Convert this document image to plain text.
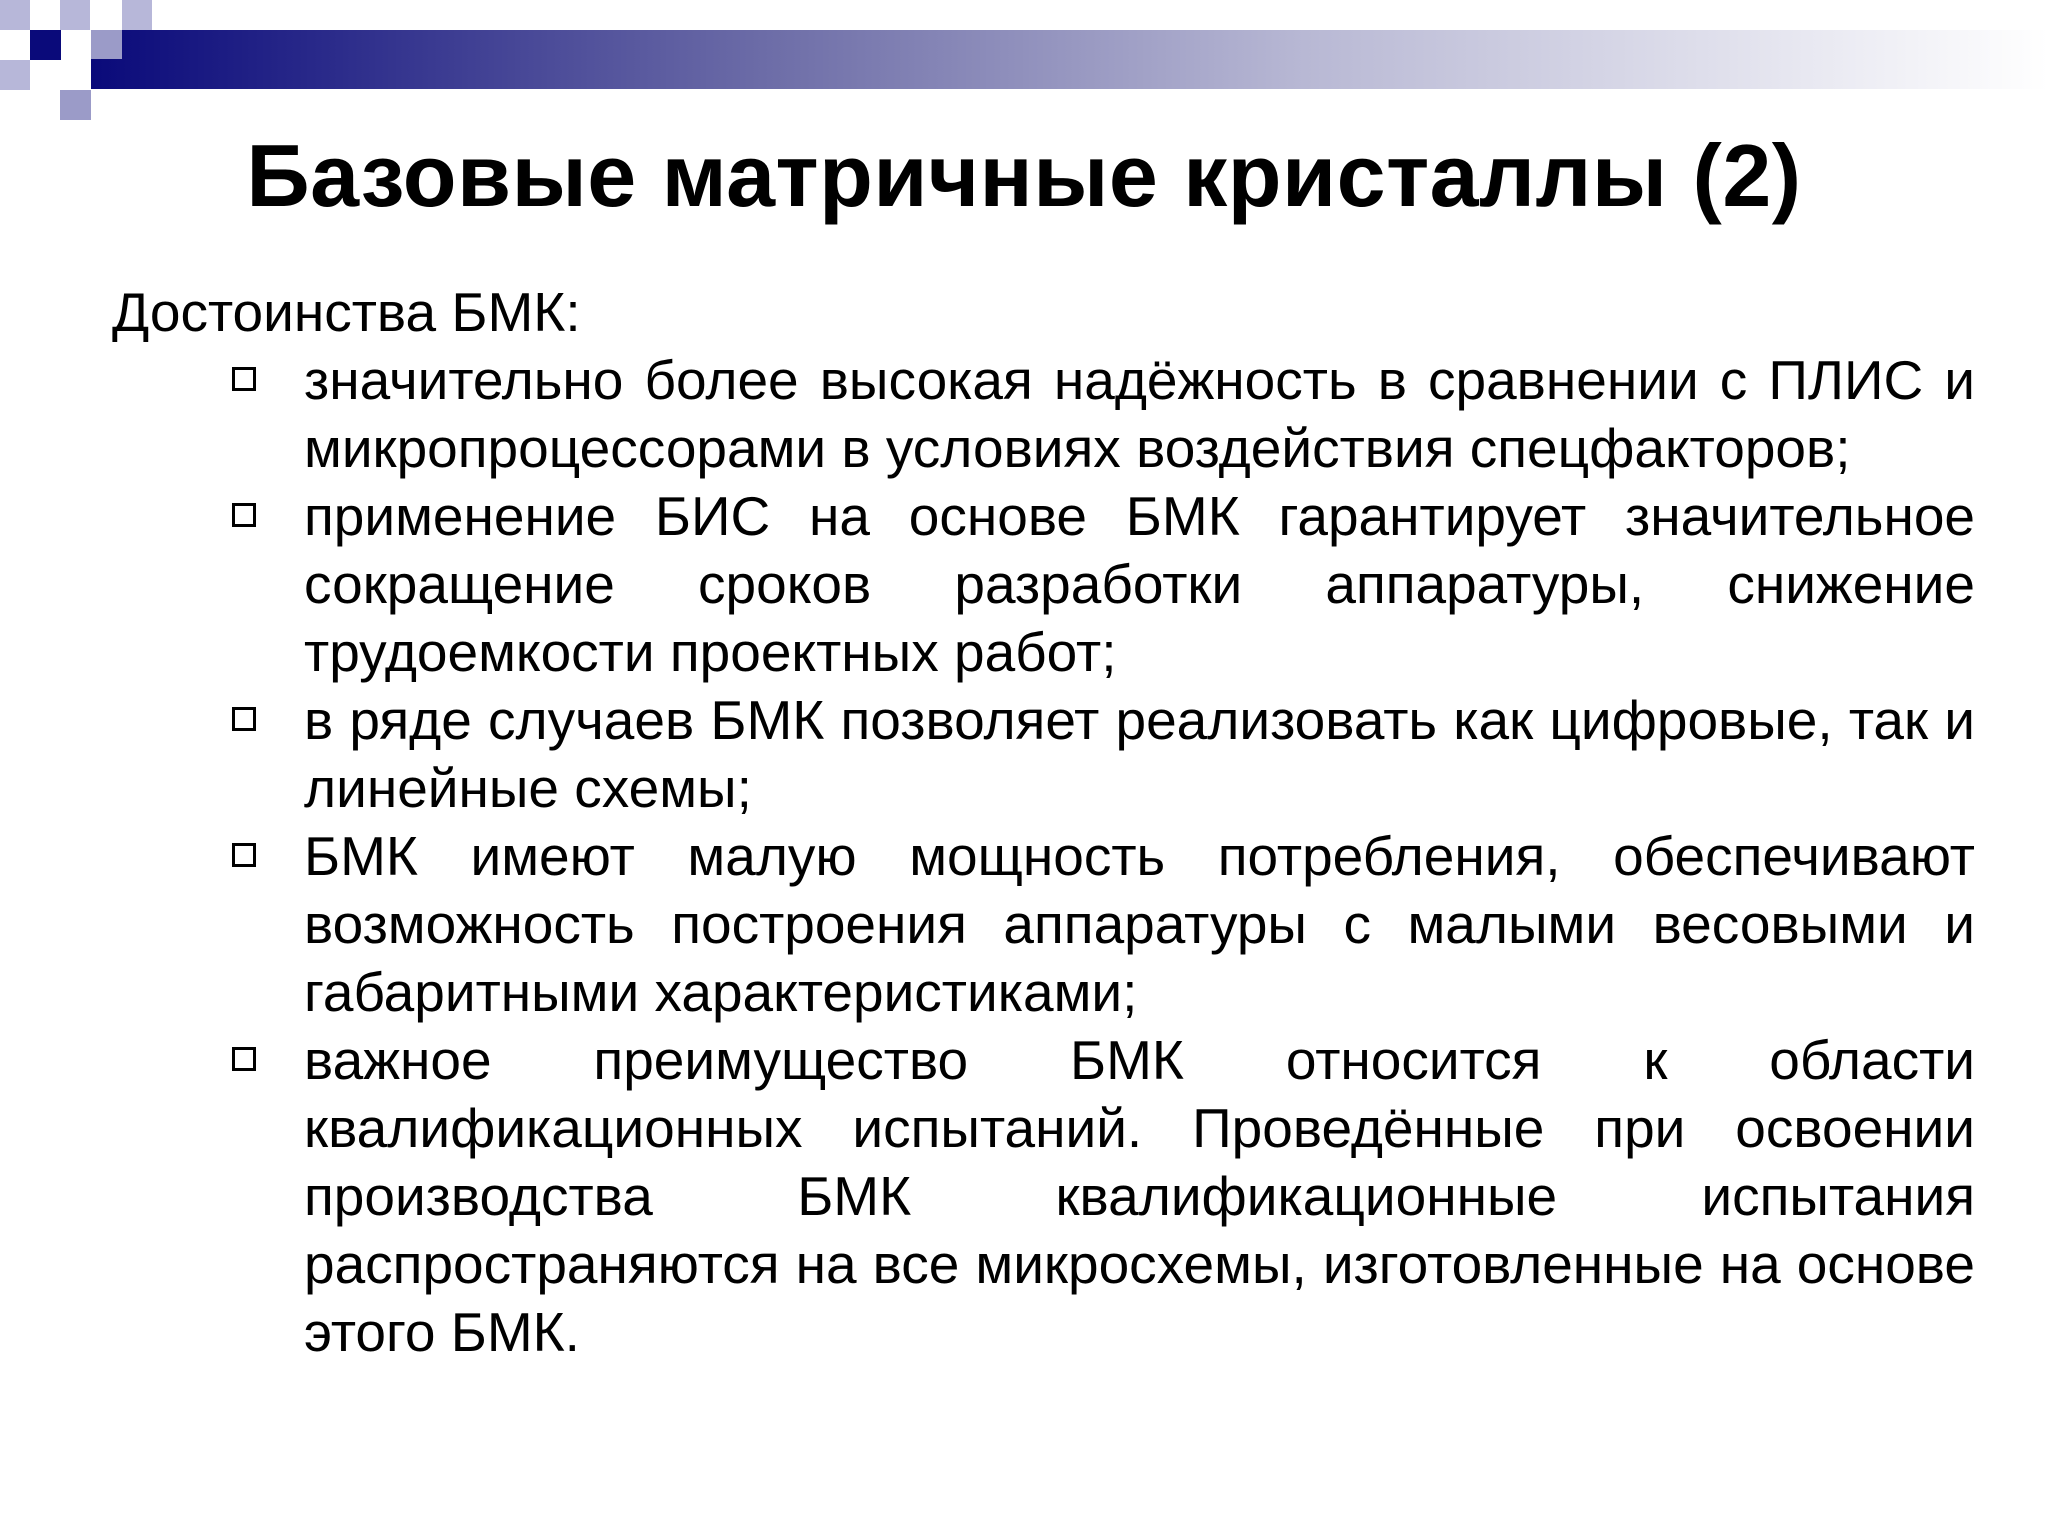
Базовые матричные кристаллы (2)
Достоинства БМК:
значительно более высокая надёжность в сравнении с ПЛИС и микропроцессорами в условиях воздействия спецфакторов;
применение БИС на основе БМК гарантирует значительное сокращение сроков разработки аппаратуры, снижение трудоемкости проектных работ;
в ряде случаев БМК позволяет реализовать как цифровые, так и линейные схемы;
БМК имеют малую мощность потребления, обеспечивают возможность построения аппаратуры с малыми весовыми и габаритными характеристиками;
важное преимущество БМК относится к области квалификационных испытаний. Проведённые при освоении производства БМК квалификационные испытания распространяются на все микросхемы, изготовленные на основе этого БМК.
